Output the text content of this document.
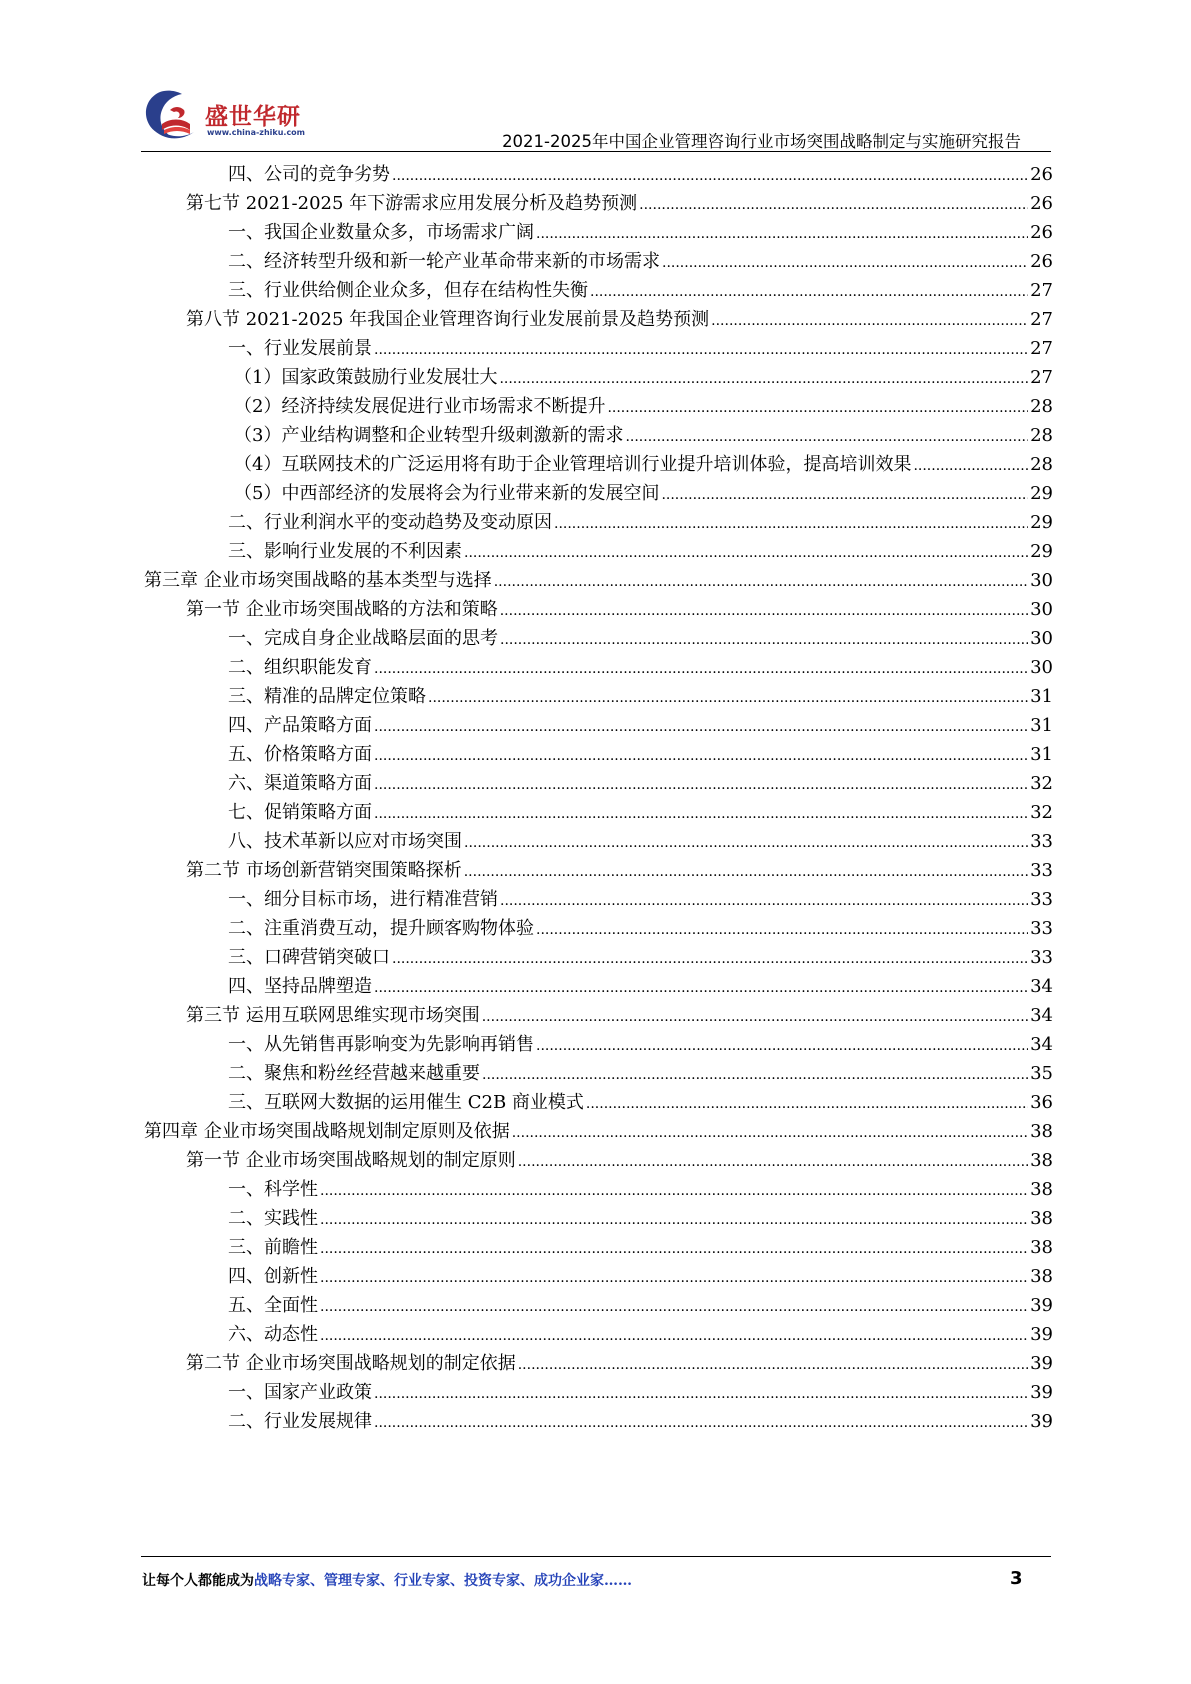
盛世华研
www.china-zhiku.com	2021-2025年中国企业管理咨询行业市场突围战略制定与实施研究报告
四、公司的竞争劣势 .....	26
第七节 2021-2025 年下游需求应用发展分析及趋势预测 .....	26
一、我国企业数量众多，市场需求广阔 .....	26
二、经济转型升级和新一轮产业革命带来新的市场需求 .....	26
三、行业供给侧企业众多，但存在结构性失衡 .....	27
第八节 2021-2025 年我国企业管理咨询行业发展前景及趋势预测 .....	27
一、行业发展前景 .....	27
（1）国家政策鼓励行业发展壮大 .....	27
（2）经济持续发展促进行业市场需求不断提升 .....	28
（3）产业结构调整和企业转型升级刺激新的需求 .....	28
（4）互联网技术的广泛运用将有助于企业管理培训行业提升培训体验，提高培训效果 .....	28
（5）中西部经济的发展将会为行业带来新的发展空间 .....	29
二、行业利润水平的变动趋势及变动原因 .....	29
三、影响行业发展的不利因素 .....	29
第三章 企业市场突围战略的基本类型与选择 .....	30
第一节 企业市场突围战略的方法和策略 .....	30
一、完成自身企业战略层面的思考 .....	30
二、组织职能发育 .....	30
三、精准的品牌定位策略 .....	31
四、产品策略方面 .....	31
五、价格策略方面 .....	31
六、渠道策略方面 .....	32
七、促销策略方面 .....	32
八、技术革新以应对市场突围 .....	33
第二节 市场创新营销突围策略探析 .....	33
一、细分目标市场，进行精准营销 .....	33
二、注重消费互动，提升顾客购物体验 .....	33
三、口碑营销突破口 .....	33
四、坚持品牌塑造 .....	34
第三节 运用互联网思维实现市场突围 .....	34
一、从先销售再影响变为先影响再销售 .....	34
二、聚焦和粉丝经营越来越重要 .....	35
三、互联网大数据的运用催生 C2B 商业模式 .....	36
第四章 企业市场突围战略规划制定原则及依据 .....	38
第一节 企业市场突围战略规划的制定原则 .....	38
一、科学性 .....	38
二、实践性 .....	38
三、前瞻性 .....	38
四、创新性 .....	38
五、全面性 .....	39
六、动态性 .....	39
第二节 企业市场突围战略规划的制定依据 .....	39
一、国家产业政策 .....	39
二、行业发展规律 .....	39
让每个人都能成为战略专家、管理专家、行业专家、投资专家、成功企业家……	3
